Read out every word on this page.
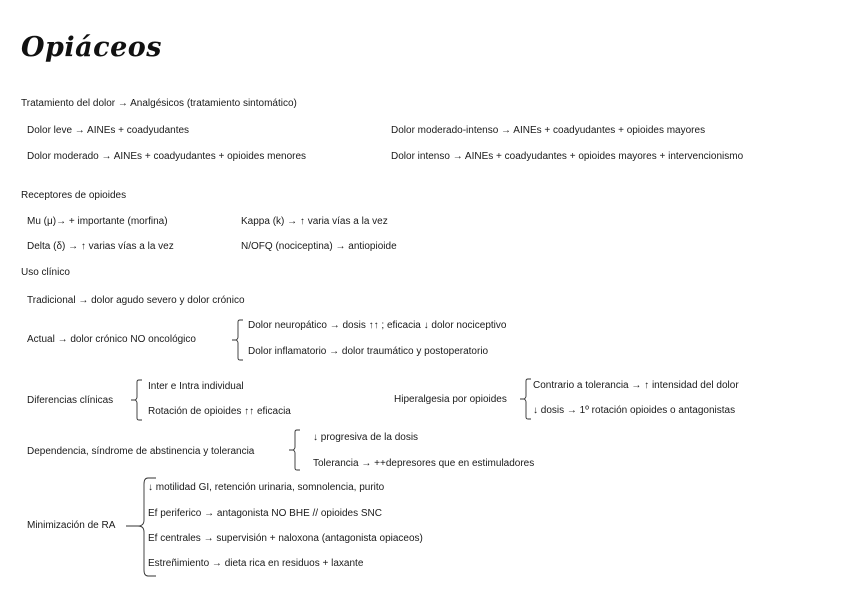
Opiáceos
Tratamiento del dolor → Analgésicos (tratamiento sintomático)
Dolor leve → AINEs + coadyudantes	Dolor moderado-intenso → AINEs + coadyudantes + opioides mayores
Dolor moderado → AINEs + coadyudantes + opioides menores	Dolor intenso → AINEs + coadyudantes + opioides mayores + intervencionismo
Receptores de opioides
Mu (μ)→ + importante (morfina)	Kappa (k) → ↑ varia vías a la vez
Delta (δ) → ↑ varias vías a la vez	N/OFQ (nociceptina) → antiopioide
Uso clínico
Tradicional → dolor agudo severo y dolor crónico
Actual → dolor crónico NO oncológico
Dolor neuropático → dosis ↑↑ ; eficacia ↓ dolor nociceptivo
Dolor inflamatorio → dolor traumático y postoperatorio
Diferencias clínicas
Inter e Intra individual
Rotación de opioides ↑↑ eficacia
Hiperalgesia por opioides
Contrario a tolerancia → ↑ intensidad del dolor
↓ dosis → 1º rotación opioides o antagonistas
Dependencia, síndrome de abstinencia y tolerancia
↓ progresiva de la dosis
Tolerancia → ++depresores que en estimuladores
Minimización de RA
↓ motilidad GI, retención urinaria, somnolencia, purito
Ef periferico → antagonista NO BHE // opioides SNC
Ef centrales → supervisión + naloxona (antagonista opiaceos)
Estreñimiento → dieta rica en residuos + laxante
